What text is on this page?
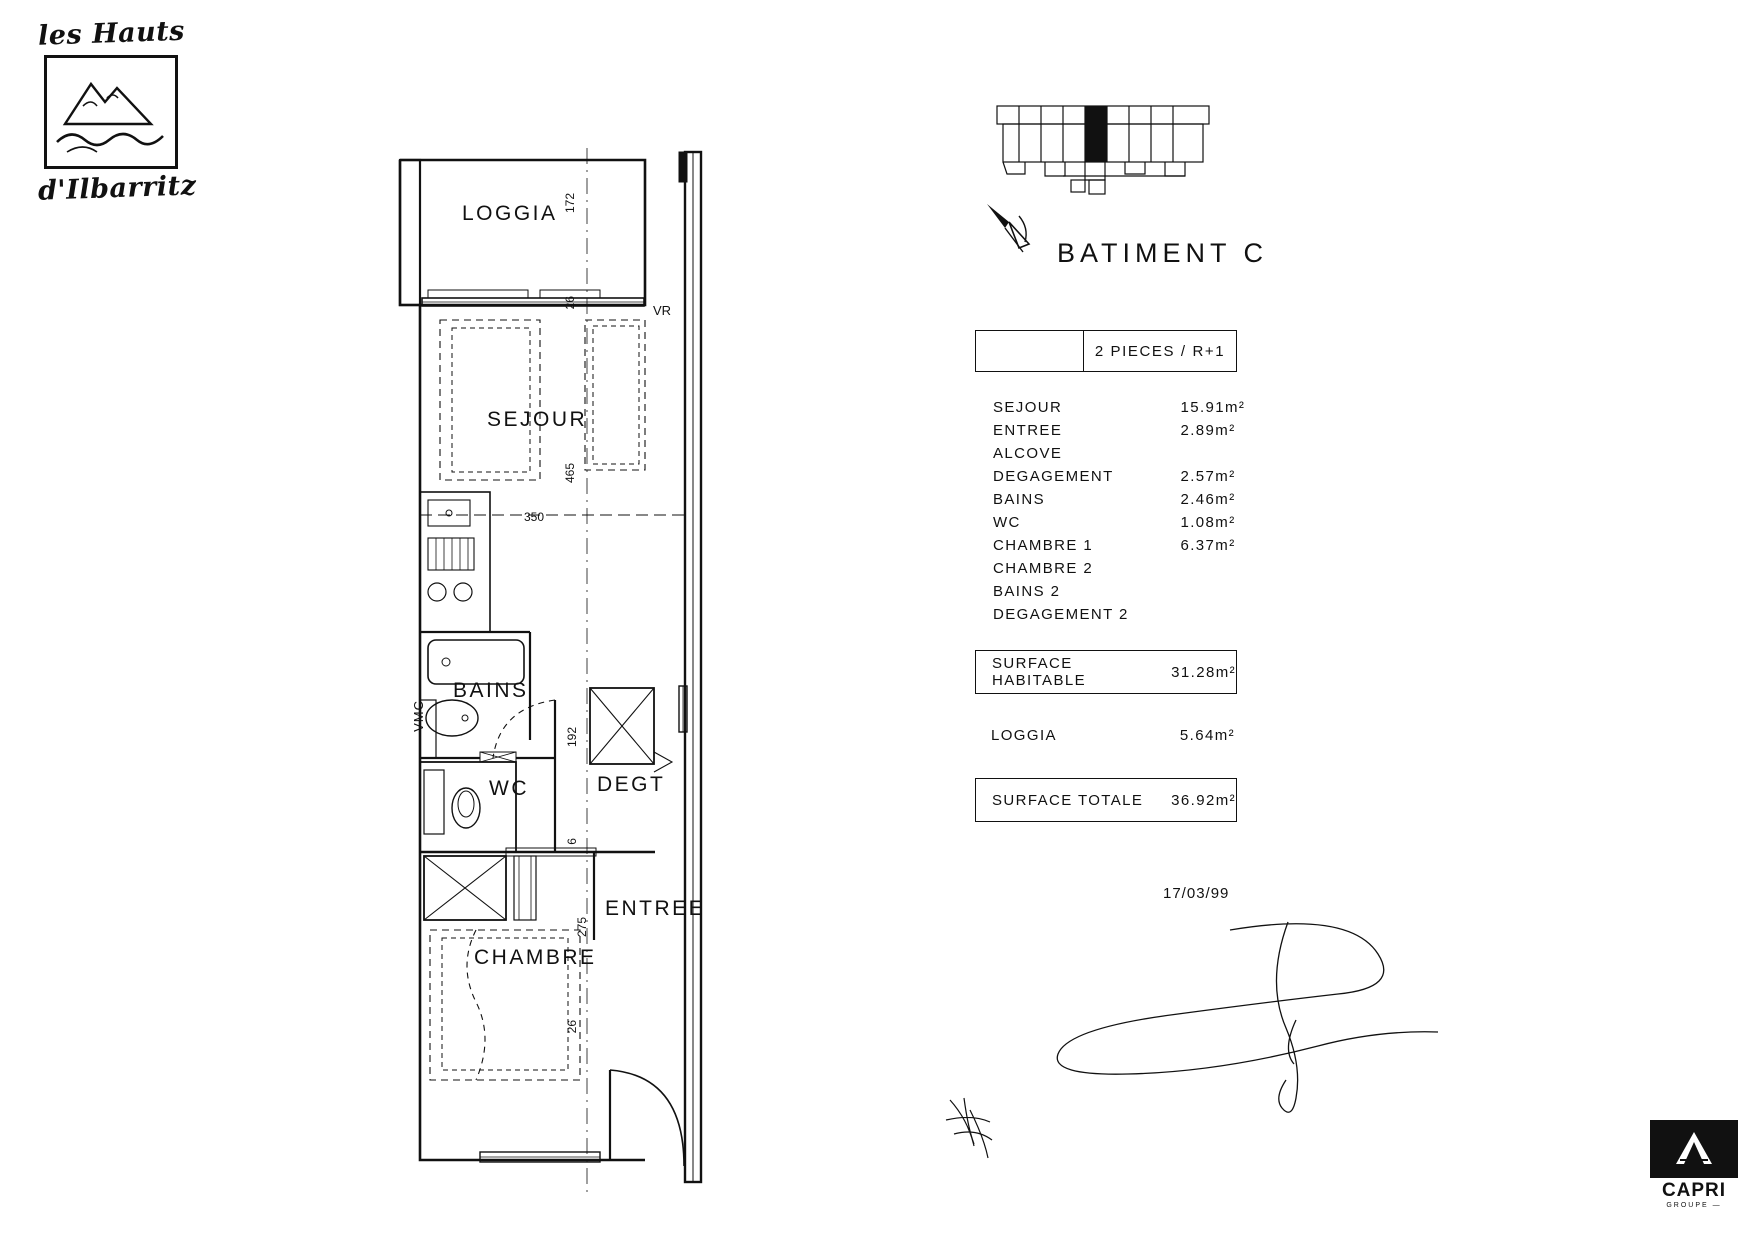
les Hauts
d'Ilbarritz
LOGGIA
SEJOUR
BAINS
WC	DEGT
ENTREE
CHAMBRE
VMC
VR
172
26
465
350
192
6
275
26
BATIMENT C
2 PIECES / R+1
SEJOUR	15.91m²
ENTREE	2.89m²
ALCOVE
DEGAGEMENT	2.57m²
BAINS	2.46m²
WC	1.08m²
CHAMBRE 1	6.37m²
CHAMBRE 2
BAINS 2
DEGAGEMENT 2
SURFACE HABITABLE	31.28m²
LOGGIA	5.64m²
SURFACE TOTALE	36.92m²
17/03/99
CAPRI
GROUPE —
